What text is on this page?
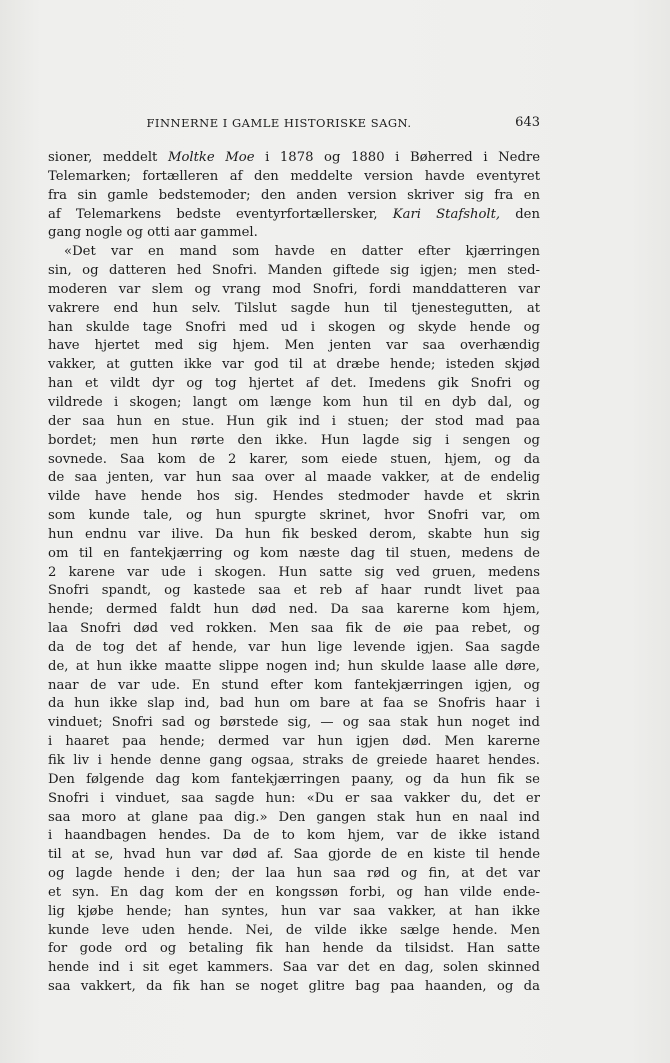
FINNERNE I GAMLE HISTORISKE SAGN.	643
sioner, meddelt Moltke Moe i 1878 og 1880 i Bøherred i Nedre
Telemarken; fortælleren af den meddelte version havde eventyret
fra sin gamle bedstemoder; den anden version skriver sig fra en
af Telemarkens bedste eventyrfortællersker, Kari Stafsholt, den
gang nogle og otti aar gammel.
«Det var en mand som havde en datter efter kjærringen
sin, og datteren hed Snofri. Manden giftede sig igjen; men sted-
moderen var slem og vrang mod Snofri, fordi manddatteren var
vakrere end hun selv. Tilslut sagde hun til tjenestegutten, at
han skulde tage Snofri med ud i skogen og skyde hende og
have hjertet med sig hjem. Men jenten var saa overhændig
vakker, at gutten ikke var god til at dræbe hende; isteden skjød
han et vildt dyr og tog hjertet af det. Imedens gik Snofri og
vildrede i skogen; langt om længe kom hun til en dyb dal, og
der saa hun en stue. Hun gik ind i stuen; der stod mad paa
bordet; men hun rørte den ikke. Hun lagde sig i sengen og
sovnede. Saa kom de 2 karer, som eiede stuen, hjem, og da
de saa jenten, var hun saa over al maade vakker, at de endelig
vilde have hende hos sig. Hendes stedmoder havde et skrin
som kunde tale, og hun spurgte skrinet, hvor Snofri var, om
hun endnu var ilive. Da hun fik besked derom, skabte hun sig
om til en fantekjærring og kom næste dag til stuen, medens de
2 karene var ude i skogen. Hun satte sig ved gruen, medens
Snofri spandt, og kastede saa et reb af haar rundt livet paa
hende; dermed faldt hun død ned. Da saa karerne kom hjem,
laa Snofri død ved rokken. Men saa fik de øie paa rebet, og
da de tog det af hende, var hun lige levende igjen. Saa sagde
de, at hun ikke maatte slippe nogen ind; hun skulde laase alle døre,
naar de var ude. En stund efter kom fantekjærringen igjen, og
da hun ikke slap ind, bad hun om bare at faa se Snofris haar i
vinduet; Snofri sad og børstede sig, — og saa stak hun noget ind
i haaret paa hende; dermed var hun igjen død. Men karerne
fik liv i hende denne gang ogsaa, straks de greiede haaret hendes.
Den følgende dag kom fantekjærringen paany, og da hun fik se
Snofri i vinduet, saa sagde hun: «Du er saa vakker du, det er
saa moro at glane paa dig.» Den gangen stak hun en naal ind
i haandbagen hendes. Da de to kom hjem, var de ikke istand
til at se, hvad hun var død af. Saa gjorde de en kiste til hende
og lagde hende i den; der laa hun saa rød og fin, at det var
et syn. En dag kom der en kongssøn forbi, og han vilde ende-
lig kjøbe hende; han syntes, hun var saa vakker, at han ikke
kunde leve uden hende. Nei, de vilde ikke sælge hende. Men
for gode ord og betaling fik han hende da tilsidst. Han satte
hende ind i sit eget kammers. Saa var det en dag, solen skinned
saa vakkert, da fik han se noget glitre bag paa haanden, og da
